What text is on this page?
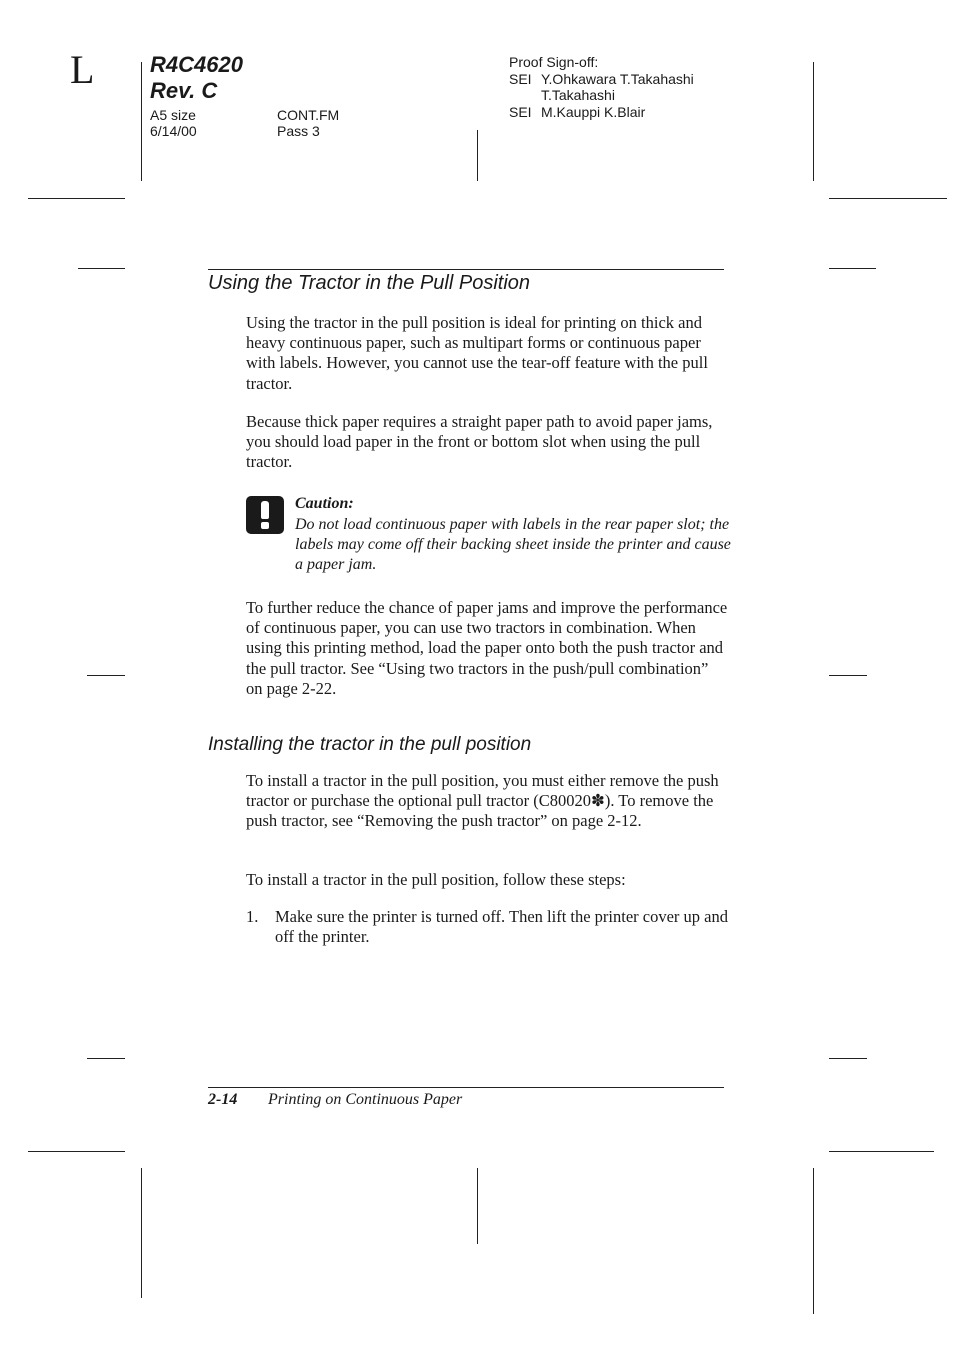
L	R4C4620
Rev. C
A5 size
6/14/00
CONT.FM
Pass 3
Proof Sign-off:
SEI Y.Ohkawara T.Takahashi
T.Takahashi
SEI M.Kauppi K.Blair
Using the Tractor in the Pull Position

Using the tractor in the pull position is ideal for printing on thick and heavy continuous paper, such as multipart forms or continuous paper with labels. However, you cannot use the tear-off feature with the pull tractor.

Because thick paper requires a straight paper path to avoid paper jams, you should load paper in the front or bottom slot when using the pull tractor.

Caution:

Do not load continuous paper with labels in the rear paper slot; the labels may come off their backing sheet inside the printer and cause a paper jam.

To further reduce the chance of paper jams and improve the performance of continuous paper, you can use two tractors in combination. When using this printing method, load the paper onto both the push tractor and the pull tractor. See “Using two tractors in the push/pull combination” on page 2-22.

Installing the tractor in the pull position

To install a tractor in the pull position, you must either remove the push tractor or purchase the optional pull tractor (C80020✽). To remove the push tractor, see “Removing the push tractor” on page 2-12.

To install a tractor in the pull position, follow these steps:

1. Make sure the printer is turned off. Then lift the printer cover up and off the printer.

2-14 Printing on Continuous Paper
